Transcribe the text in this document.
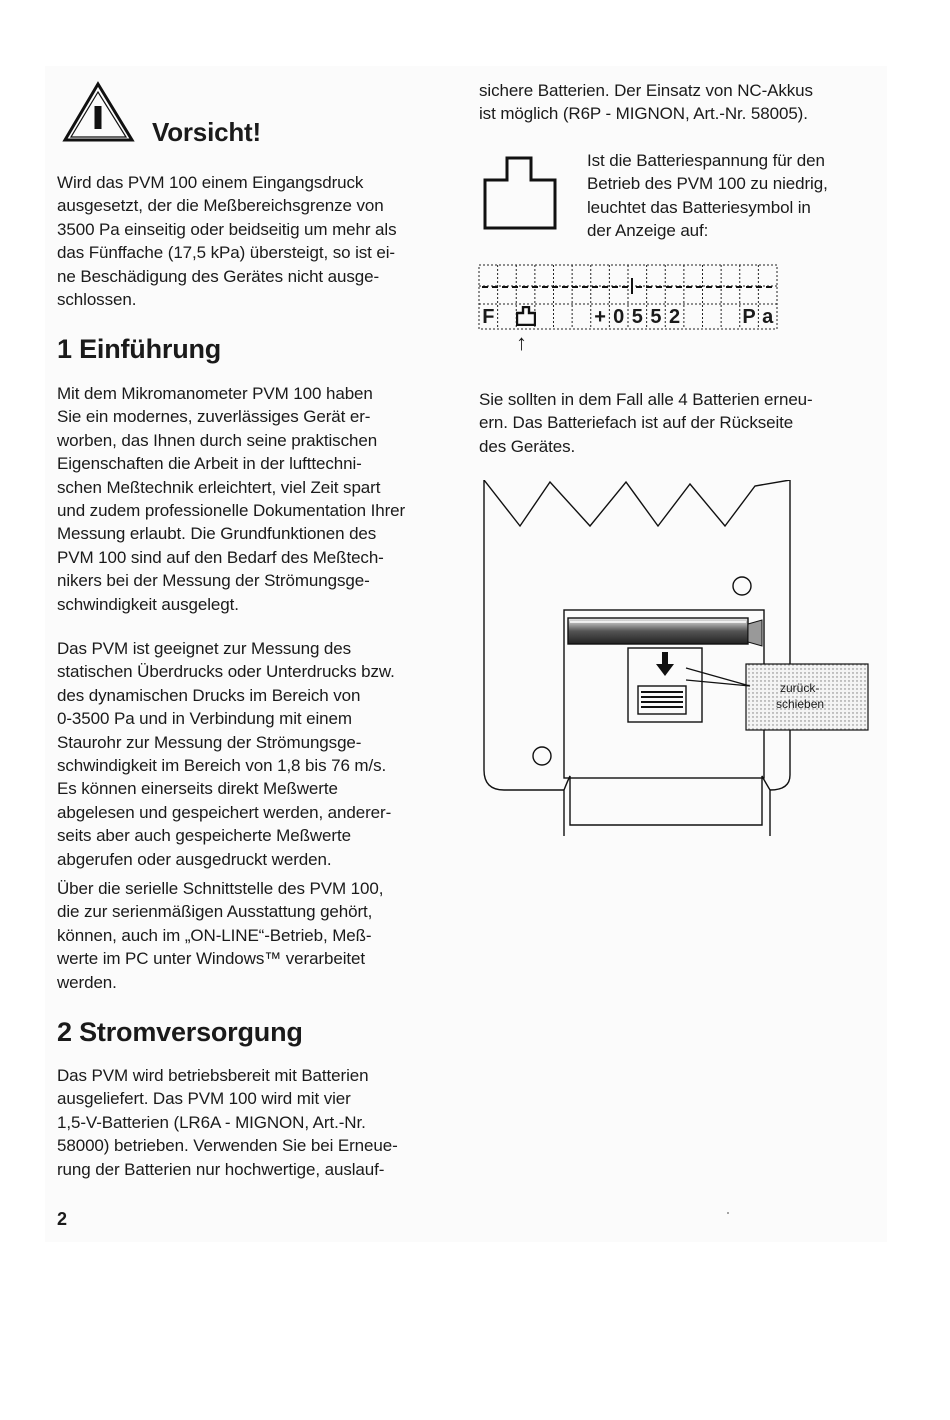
Vorsicht!
Wird das PVM 100 einem Eingangsdruck
ausgesetzt, der die Meßbereichsgrenze von
3500 Pa einseitig oder beidseitig um mehr als
das Fünffache (17,5 kPa) übersteigt, so ist ei-
ne Beschädigung des Gerätes nicht ausge-
schlossen.
1 Einführung
Mit dem Mikromanometer PVM 100 haben
Sie ein modernes, zuverlässiges Gerät er-
worben, das Ihnen durch seine praktischen
Eigenschaften die Arbeit in der lufttechni-
schen Meßtechnik erleichtert, viel Zeit spart
und zudem professionelle Dokumentation Ihrer
Messung erlaubt. Die Grundfunktionen des
PVM 100 sind auf den Bedarf des Meßtech-
nikers bei der Messung der Strömungsge-
schwindigkeit ausgelegt.
Das PVM ist geeignet zur Messung des
statischen Überdrucks oder Unterdrucks bzw.
des dynamischen Drucks im Bereich von
0-3500 Pa und in Verbindung mit einem
Staurohr zur Messung der Strömungsge-
schwindigkeit im Bereich von 1,8 bis 76 m/s.
Es können einerseits direkt Meßwerte
abgelesen und gespeichert werden, anderer-
seits aber auch gespeicherte Meßwerte
abgerufen oder ausgedruckt werden.
Über die serielle Schnittstelle des PVM 100,
die zur serienmäßigen Ausstattung gehört,
können, auch im „ON-LINE“-Betrieb, Meß-
werte im PC unter Windows™ verarbeitet
werden.
2 Stromversorgung
Das PVM wird betriebsbereit mit Batterien
ausgeliefert. Das PVM 100 wird mit vier
1,5-V-Batterien (LR6A - MIGNON, Art.-Nr.
58000) betrieben. Verwenden Sie bei Erneue-
rung der Batterien nur hochwertige, auslauf-
sichere Batterien. Der Einsatz von NC-Akkus
ist möglich (R6P - MIGNON, Art.-Nr. 58005).
Ist die Batteriespannung für den
Betrieb des PVM 100 zu niedrig,
leuchtet das Batteriesymbol in
der Anzeige auf:
F	+ 0 5 5 2	P a
↑
Sie sollten in dem Fall alle 4 Batterien erneu-
ern. Das Batteriefach ist auf der Rückseite
des Gerätes.
zurück-
schieben
2
